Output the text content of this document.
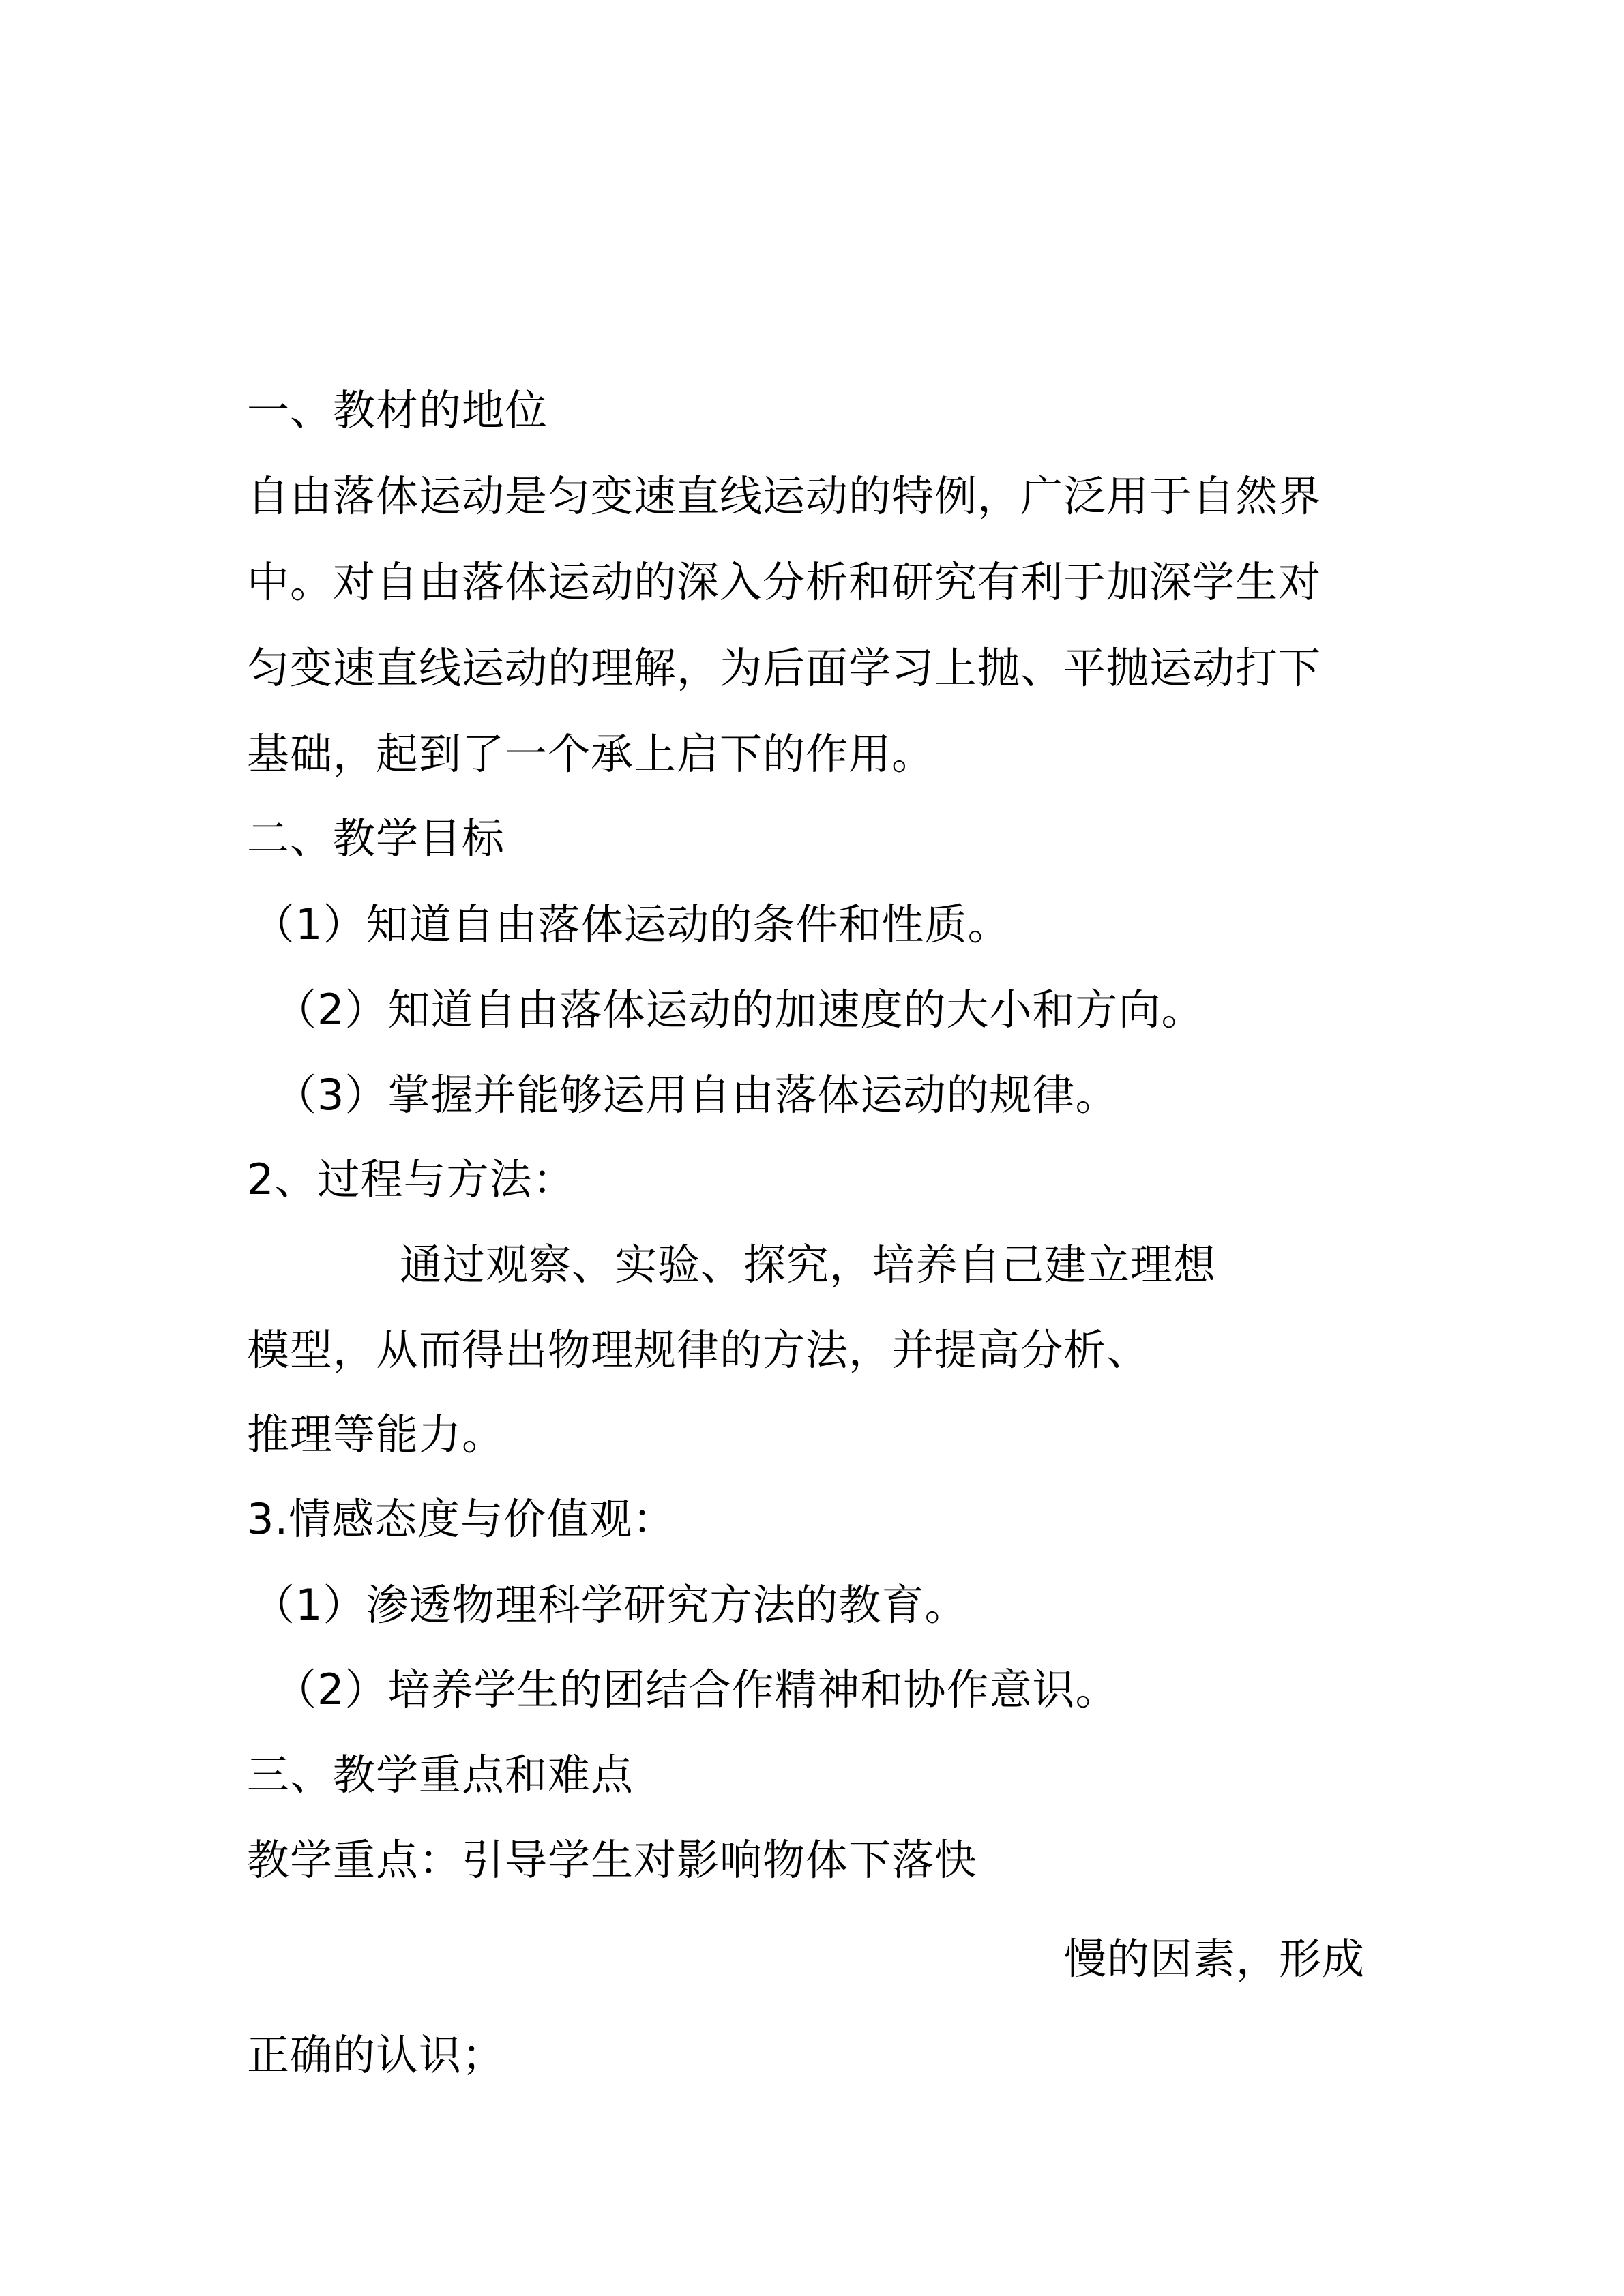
一、教材的地位
自由落体运动是匀变速直线运动的特例，广泛用于自然界
中。对自由落体运动的深入分析和研究有利于加深学生对
匀变速直线运动的理解，为后面学习上抛、平抛运动打下
基础，起到了一个承上启下的作用。
二、教学目标
（1）知道自由落体运动的条件和性质。
（2）知道自由落体运动的加速度的大小和方向。
（3）掌握并能够运用自由落体运动的规律。
2、过程与方法：
通过观察、实验、探究，培养自己建立理想
模型，从而得出物理规律的方法，并提高分析、
推理等能力。
3.情感态度与价值观：
（1）渗透物理科学研究方法的教育。
（2）培养学生的团结合作精神和协作意识。
三、教学重点和难点
教学重点：引导学生对影响物体下落快
慢的因素，形成
正确的认识；
